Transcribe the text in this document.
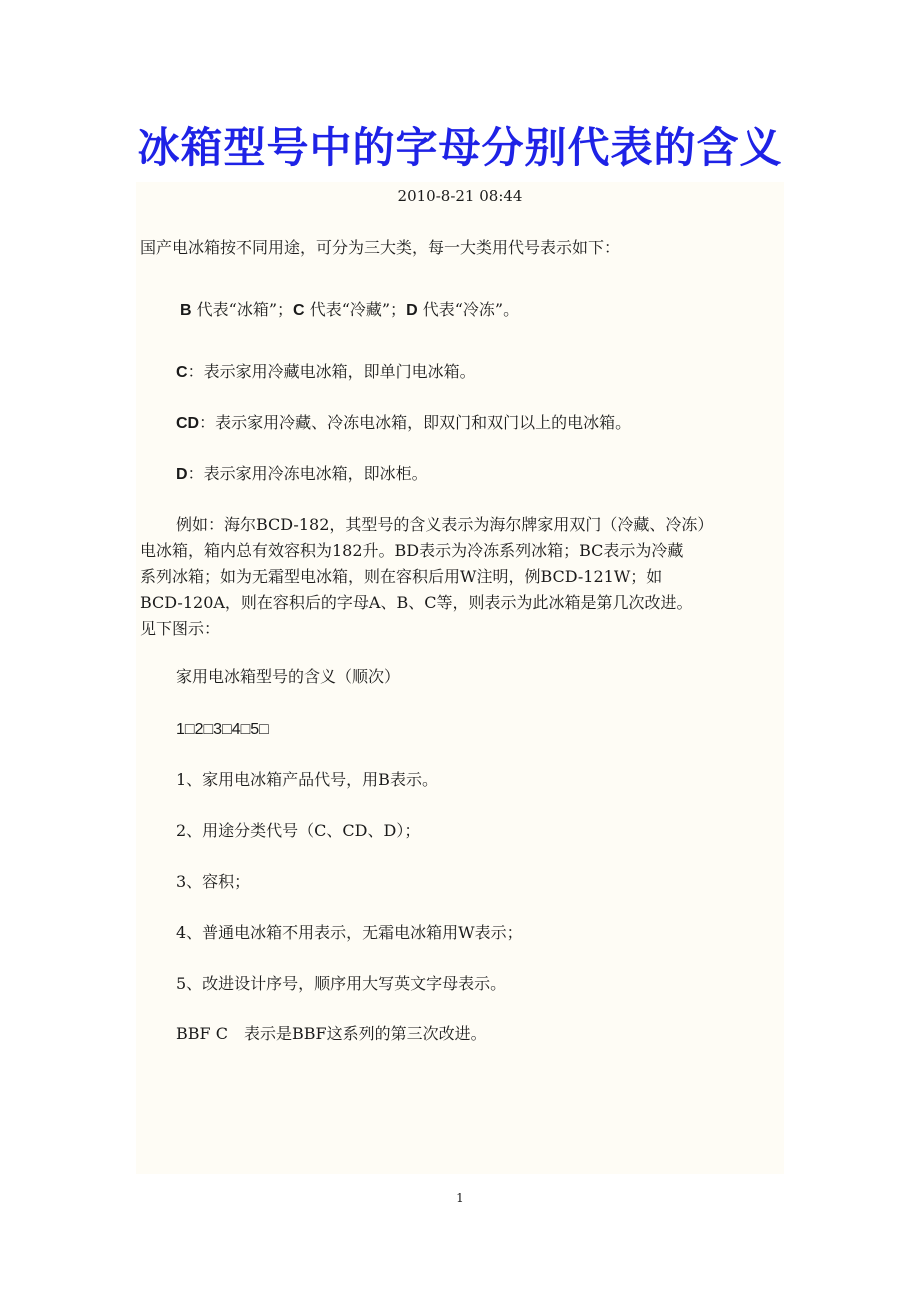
冰箱型号中的字母分别代表的含义
2010-8-21 08:44
国产电冰箱按不同用途，可分为三大类，每一大类用代号表示如下：
B 代表“冰箱”；C 代表“冷藏”；D 代表“冷冻”。
C：表示家用冷藏电冰箱，即单门电冰箱。
CD：表示家用冷藏、冷冻电冰箱，即双门和双门以上的电冰箱。
D：表示家用冷冻电冰箱，即冰柜。
例如：海尔BCD-182，其型号的含义表示为海尔牌家用双门（冷藏、冷冻）
电冰箱，箱内总有效容积为182升。BD表示为冷冻系列冰箱；BC表示为冷藏
系列冰箱；如为无霜型电冰箱，则在容积后用W注明，例BCD-121W；如
BCD-120A，则在容积后的字母A、B、C等，则表示为此冰箱是第几次改进。
见下图示：
家用电冰箱型号的含义（顺次）
1□2□3□4□5□
1、家用电冰箱产品代号，用B表示。
2、用途分类代号（C、CD、D）；
3、容积；
4、普通电冰箱不用表示，无霜电冰箱用W表示；
5、改进设计序号，顺序用大写英文字母表示。
BBF C　表示是BBF这系列的第三次改进。
1
